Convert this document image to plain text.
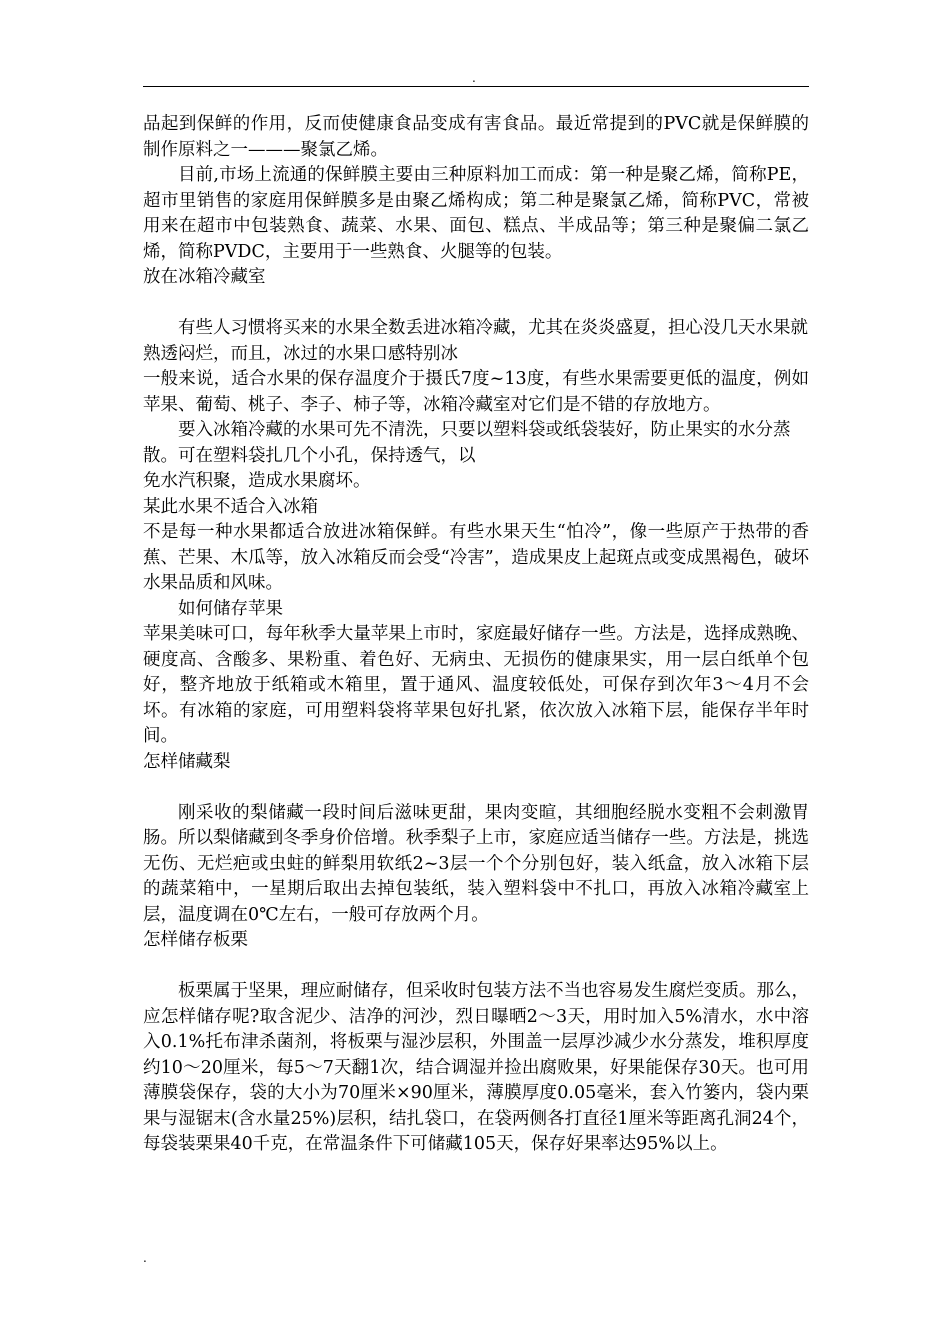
.

品起到保鲜的作用，反而使健康食品变成有害食品。最近常提到的PVC就是保鲜膜的制作原料之一———聚氯乙烯。

目前,市场上流通的保鲜膜主要由三种原料加工而成：第一种是聚乙烯，简称PE，超市里销售的家庭用保鲜膜多是由聚乙烯构成；第二种是聚氯乙烯，简称PVC，常被用来在超市中包装熟食、蔬菜、水果、面包、糕点、半成品等；第三种是聚偏二氯乙烯，简称PVDC，主要用于一些熟食、火腿等的包装。

放在冰箱冷藏室

有些人习惯将买来的水果全数丢进冰箱冷藏，尤其在炎炎盛夏，担心没几天水果就熟透闷烂，而且，冰过的水果口感特别冰

一般来说，适合水果的保存温度介于摄氏7度~13度，有些水果需要更低的温度，例如苹果、葡萄、桃子、李子、柿子等，冰箱冷藏室对它们是不错的存放地方。

要入冰箱冷藏的水果可先不清洗，只要以塑料袋或纸袋装好，防止果实的水分蒸散。可在塑料袋扎几个小孔，保持透气，以

免水汽积聚，造成水果腐坏。

某此水果不适合入冰箱

不是每一种水果都适合放进冰箱保鲜。有些水果天生“怕冷”，像一些原产于热带的香蕉、芒果、木瓜等，放入冰箱反而会受“冷害”，造成果皮上起斑点或变成黑褐色，破坏水果品质和风味。

如何储存苹果

苹果美味可口，每年秋季大量苹果上市时，家庭最好储存一些。方法是，选择成熟晚、硬度高、含酸多、果粉重、着色好、无病虫、无损伤的健康果实，用一层白纸单个包好，整齐地放于纸箱或木箱里，置于通风、温度较低处，可保存到次年3～4月不会坏。有冰箱的家庭，可用塑料袋将苹果包好扎紧，依次放入冰箱下层，能保存半年时间。

怎样储藏梨

刚采收的梨储藏一段时间后滋味更甜，果肉变暄，其细胞经脱水变粗不会刺激胃肠。所以梨储藏到冬季身价倍增。秋季梨子上市，家庭应适当储存一些。方法是，挑选无伤、无烂疤或虫蛀的鲜梨用软纸2~3层一个个分别包好，装入纸盒，放入冰箱下层的蔬菜箱中，一星期后取出去掉包装纸，装入塑料袋中不扎口，再放入冰箱冷藏室上层，温度调在0℃左右，一般可存放两个月。

怎样储存板栗

板栗属于坚果，理应耐储存，但采收时包装方法不当也容易发生腐烂变质。那么，应怎样储存呢?取含泥少、洁净的河沙，烈日曝晒2～3天，用时加入5%清水，水中溶入0.1%托布津杀菌剂，将板栗与湿沙层积，外围盖一层厚沙减少水分蒸发，堆积厚度约10～20厘米，每5～7天翻1次，结合调湿并捡出腐败果，好果能保存30天。也可用薄膜袋保存，袋的大小为70厘米×90厘米，薄膜厚度0.05毫米，套入竹篓内，袋内栗果与湿锯末(含水量25%)层积，结扎袋口，在袋两侧各打直径1厘米等距离孔洞24个，每袋装栗果40千克，在常温条件下可储藏105天，保存好果率达95%以上。

.
